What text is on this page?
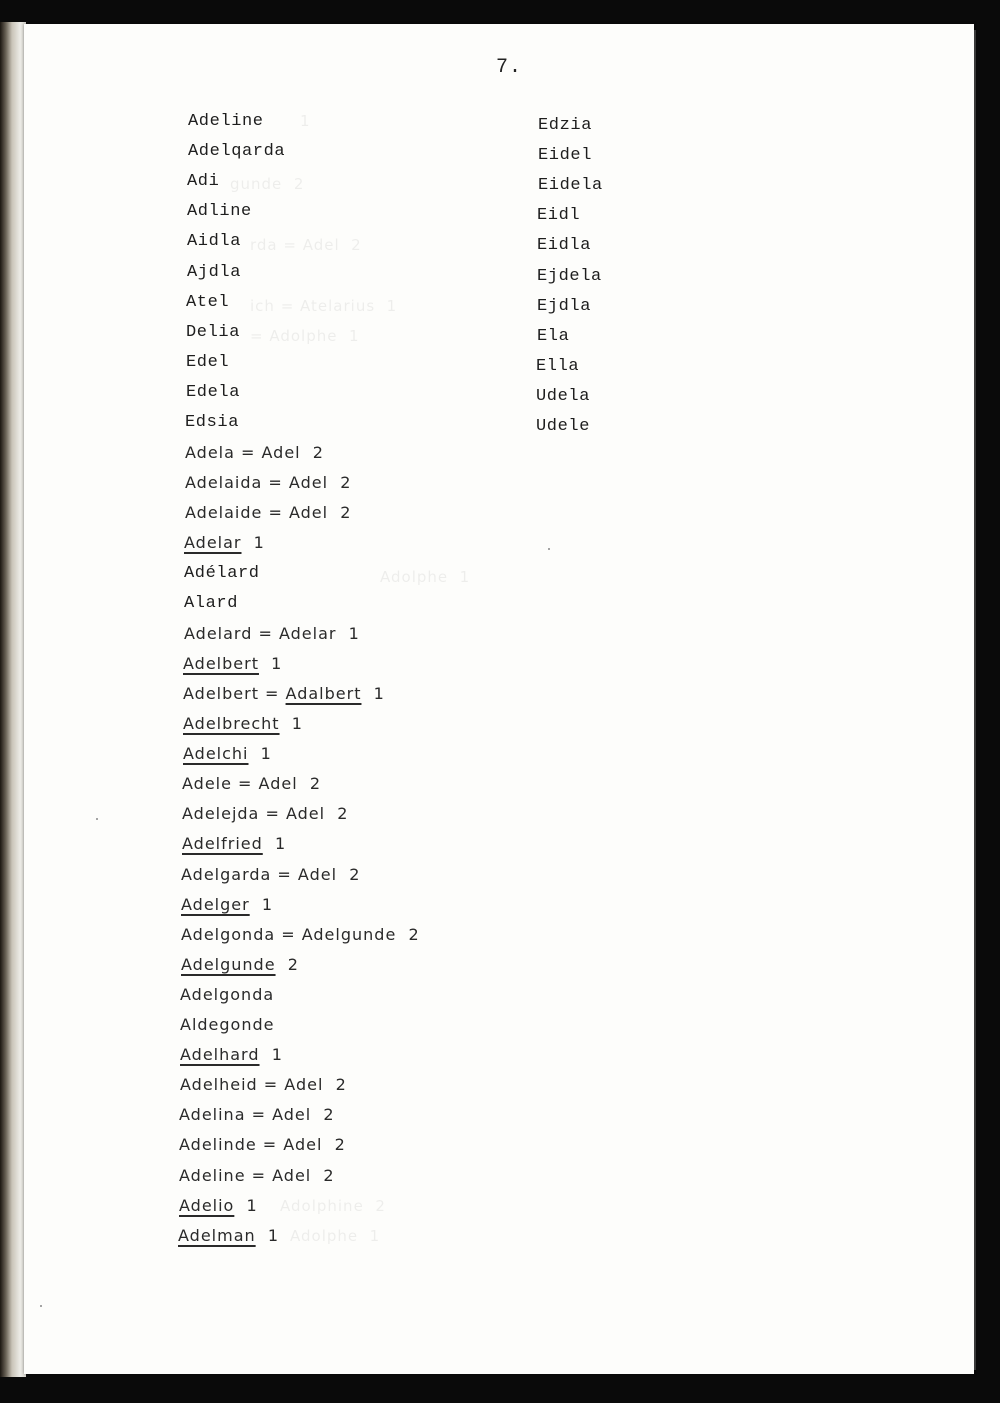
1
gunde  2
rda = Adel  2
ich = Atelarius  1
= Adolphe  1
Adolphe  1
Adolphine  2
Adolphe  1
7.
Adeline
Adelqarda
Adi
Adline
Aidla
Ajdla
Atel
Delia
Edel
Edela
Edsia
Adela = Adel  2
Adelaida = Adel  2
Adelaide = Adel  2
Adelar  1
Adélard
Alard
Adelard = Adelar  1
Adelbert  1
Adelbert = Adalbert  1
Adelbrecht  1
Adelchi  1
Adele = Adel  2
Adelejda = Adel  2
Adelfried  1
Adelgarda = Adel  2
Adelger  1
Adelgonda = Adelgunde  2
Adelgunde  2
Adelgonda
Aldegonde
Adelhard  1
Adelheid = Adel  2
Adelina = Adel  2
Adelinde = Adel  2
Adeline = Adel  2
Adelio  1
Adelman  1
Edzia
Eidel
Eidela
Eidl
Eidla
Ejdela
Ejdla
Ela
Ella
Udela
Udele
